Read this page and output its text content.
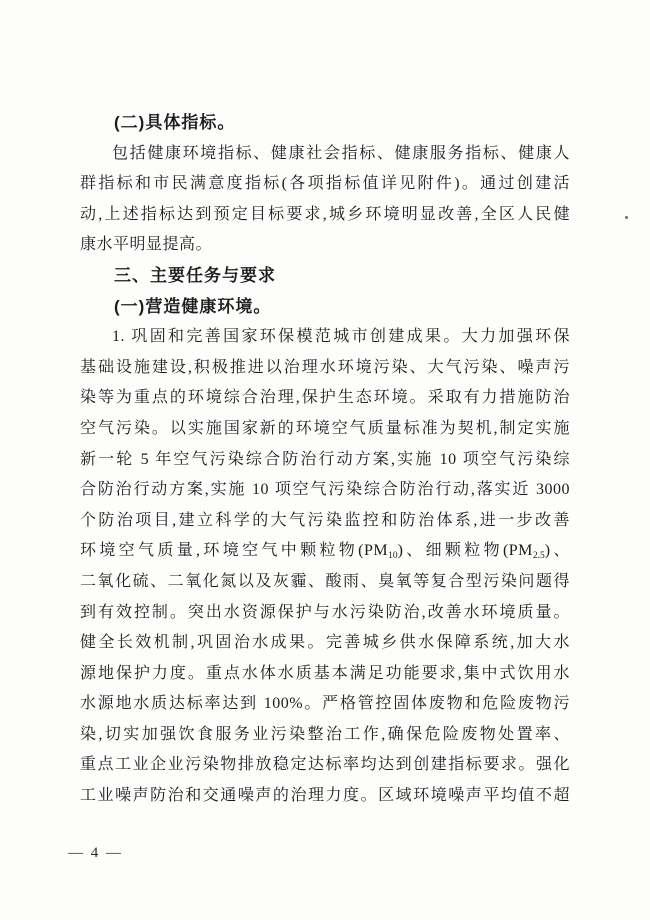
(二)具体指标。
包括健康环境指标、健康社会指标、健康服务指标、健康人
群指标和市民满意度指标(各项指标值详见附件)。通过创建活
动,上述指标达到预定目标要求,城乡环境明显改善,全区人民健
康水平明显提高。
三、主要任务与要求
(一)营造健康环境。
1. 巩固和完善国家环保模范城市创建成果。大力加强环保
基础设施建设,积极推进以治理水环境污染、大气污染、噪声污
染等为重点的环境综合治理,保护生态环境。采取有力措施防治
空气污染。以实施国家新的环境空气质量标准为契机,制定实施
新一轮 5 年空气污染综合防治行动方案,实施 10 项空气污染综
合防治行动方案,实施 10 项空气污染综合防治行动,落实近 3000
个防治项目,建立科学的大气污染监控和防治体系,进一步改善
环境空气质量,环境空气中颗粒物$(PM_{10})$、细颗粒物$(PM_{2.5})$、
二氧化硫、二氧化氮以及灰霾、酸雨、臭氧等复合型污染问题得
到有效控制。突出水资源保护与水污染防治,改善水环境质量。
健全长效机制,巩固治水成果。完善城乡供水保障系统,加大水
源地保护力度。重点水体水质基本满足功能要求,集中式饮用水
水源地水质达标率达到 100%。严格管控固体废物和危险废物污
染,切实加强饮食服务业污染整治工作,确保危险废物处置率、
重点工业企业污染物排放稳定达标率均达到创建指标要求。强化
工业噪声防治和交通噪声的治理力度。区域环境噪声平均值不超
— 4 —
